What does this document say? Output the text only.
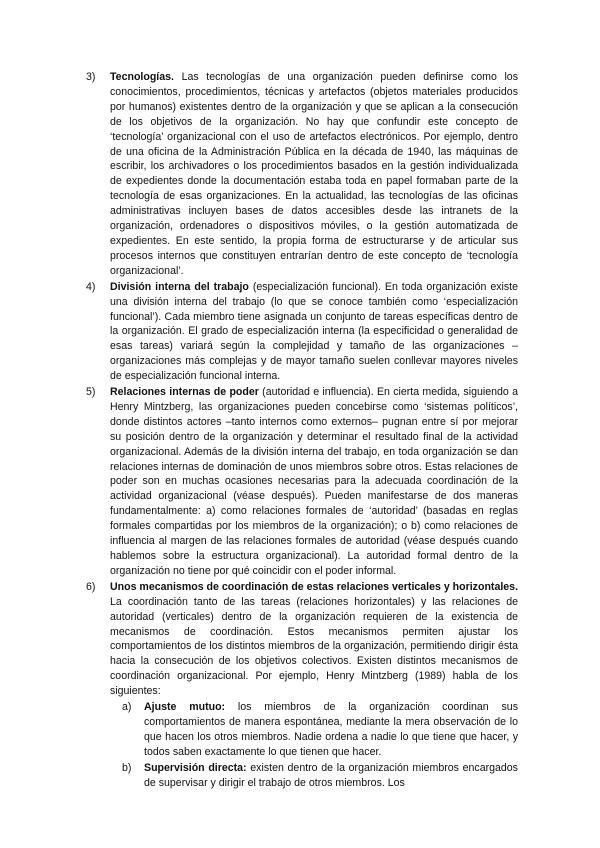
3) Tecnologías. Las tecnologías de una organización pueden definirse como los conocimientos, procedimientos, técnicas y artefactos (objetos materiales producidos por humanos) existentes dentro de la organización y que se aplican a la consecución de los objetivos de la organización. No hay que confundir este concepto de ‘tecnología’ organizacional con el uso de artefactos electrónicos. Por ejemplo, dentro de una oficina de la Administración Pública en la década de 1940, las máquinas de escribir, los archivadores o los procedimientos basados en la gestión individualizada de expedientes donde la documentación estaba toda en papel formaban parte de la tecnología de esas organizaciones. En la actualidad, las tecnologías de las oficinas administrativas incluyen bases de datos accesibles desde las intranets de la organización, ordenadores o dispositivos móviles, o la gestión automatizada de expedientes. En este sentido, la propia forma de estructurarse y de articular sus procesos internos que constituyen entrarían dentro de este concepto de ‘tecnología organizacional’.

4) División interna del trabajo (especialización funcional). En toda organización existe una división interna del trabajo (lo que se conoce también como ‘especialización funcional’). Cada miembro tiene asignada un conjunto de tareas específicas dentro de la organización. El grado de especialización interna (la especificidad o generalidad de esas tareas) variará según la complejidad y tamaño de las organizaciones – organizaciones más complejas y de mayor tamaño suelen conllevar mayores niveles de especialización funcional interna.

5) Relaciones internas de poder (autoridad e influencia). En cierta medida, siguiendo a Henry Mintzberg, las organizaciones pueden concebirse como ‘sistemas políticos’, donde distintos actores –tanto internos como externos– pugnan entre sí por mejorar su posición dentro de la organización y determinar el resultado final de la actividad organizacional. Además de la división interna del trabajo, en toda organización se dan relaciones internas de dominación de unos miembros sobre otros. Estas relaciones de poder son en muchas ocasiones necesarias para la adecuada coordinación de la actividad organizacional (véase después). Pueden manifestarse de dos maneras fundamentalmente: a) como relaciones formales de ‘autoridad’ (basadas en reglas formales compartidas por los miembros de la organización); o b) como relaciones de influencia al margen de las relaciones formales de autoridad (véase después cuando hablemos sobre la estructura organizacional). La autoridad formal dentro de la organización no tiene por qué coincidir con el poder informal.

6) Unos mecanismos de coordinación de estas relaciones verticales y horizontales. La coordinación tanto de las tareas (relaciones horizontales) y las relaciones de autoridad (verticales) dentro de la organización requieren de la existencia de mecanismos de coordinación. Estos mecanismos permiten ajustar los comportamientos de los distintos miembros de la organización, permitiendo dirigir ésta hacia la consecución de los objetivos colectivos. Existen distintos mecanismos de coordinación organizacional. Por ejemplo, Henry Mintzberg (1989) habla de los siguientes:

a) Ajuste mutuo: los miembros de la organización coordinan sus comportamientos de manera espontánea, mediante la mera observación de lo que hacen los otros miembros. Nadie ordena a nadie lo que tiene que hacer, y todos saben exactamente lo que tienen que hacer.

b) Supervisión directa: existen dentro de la organización miembros encargados de supervisar y dirigir el trabajo de otros miembros. Los
